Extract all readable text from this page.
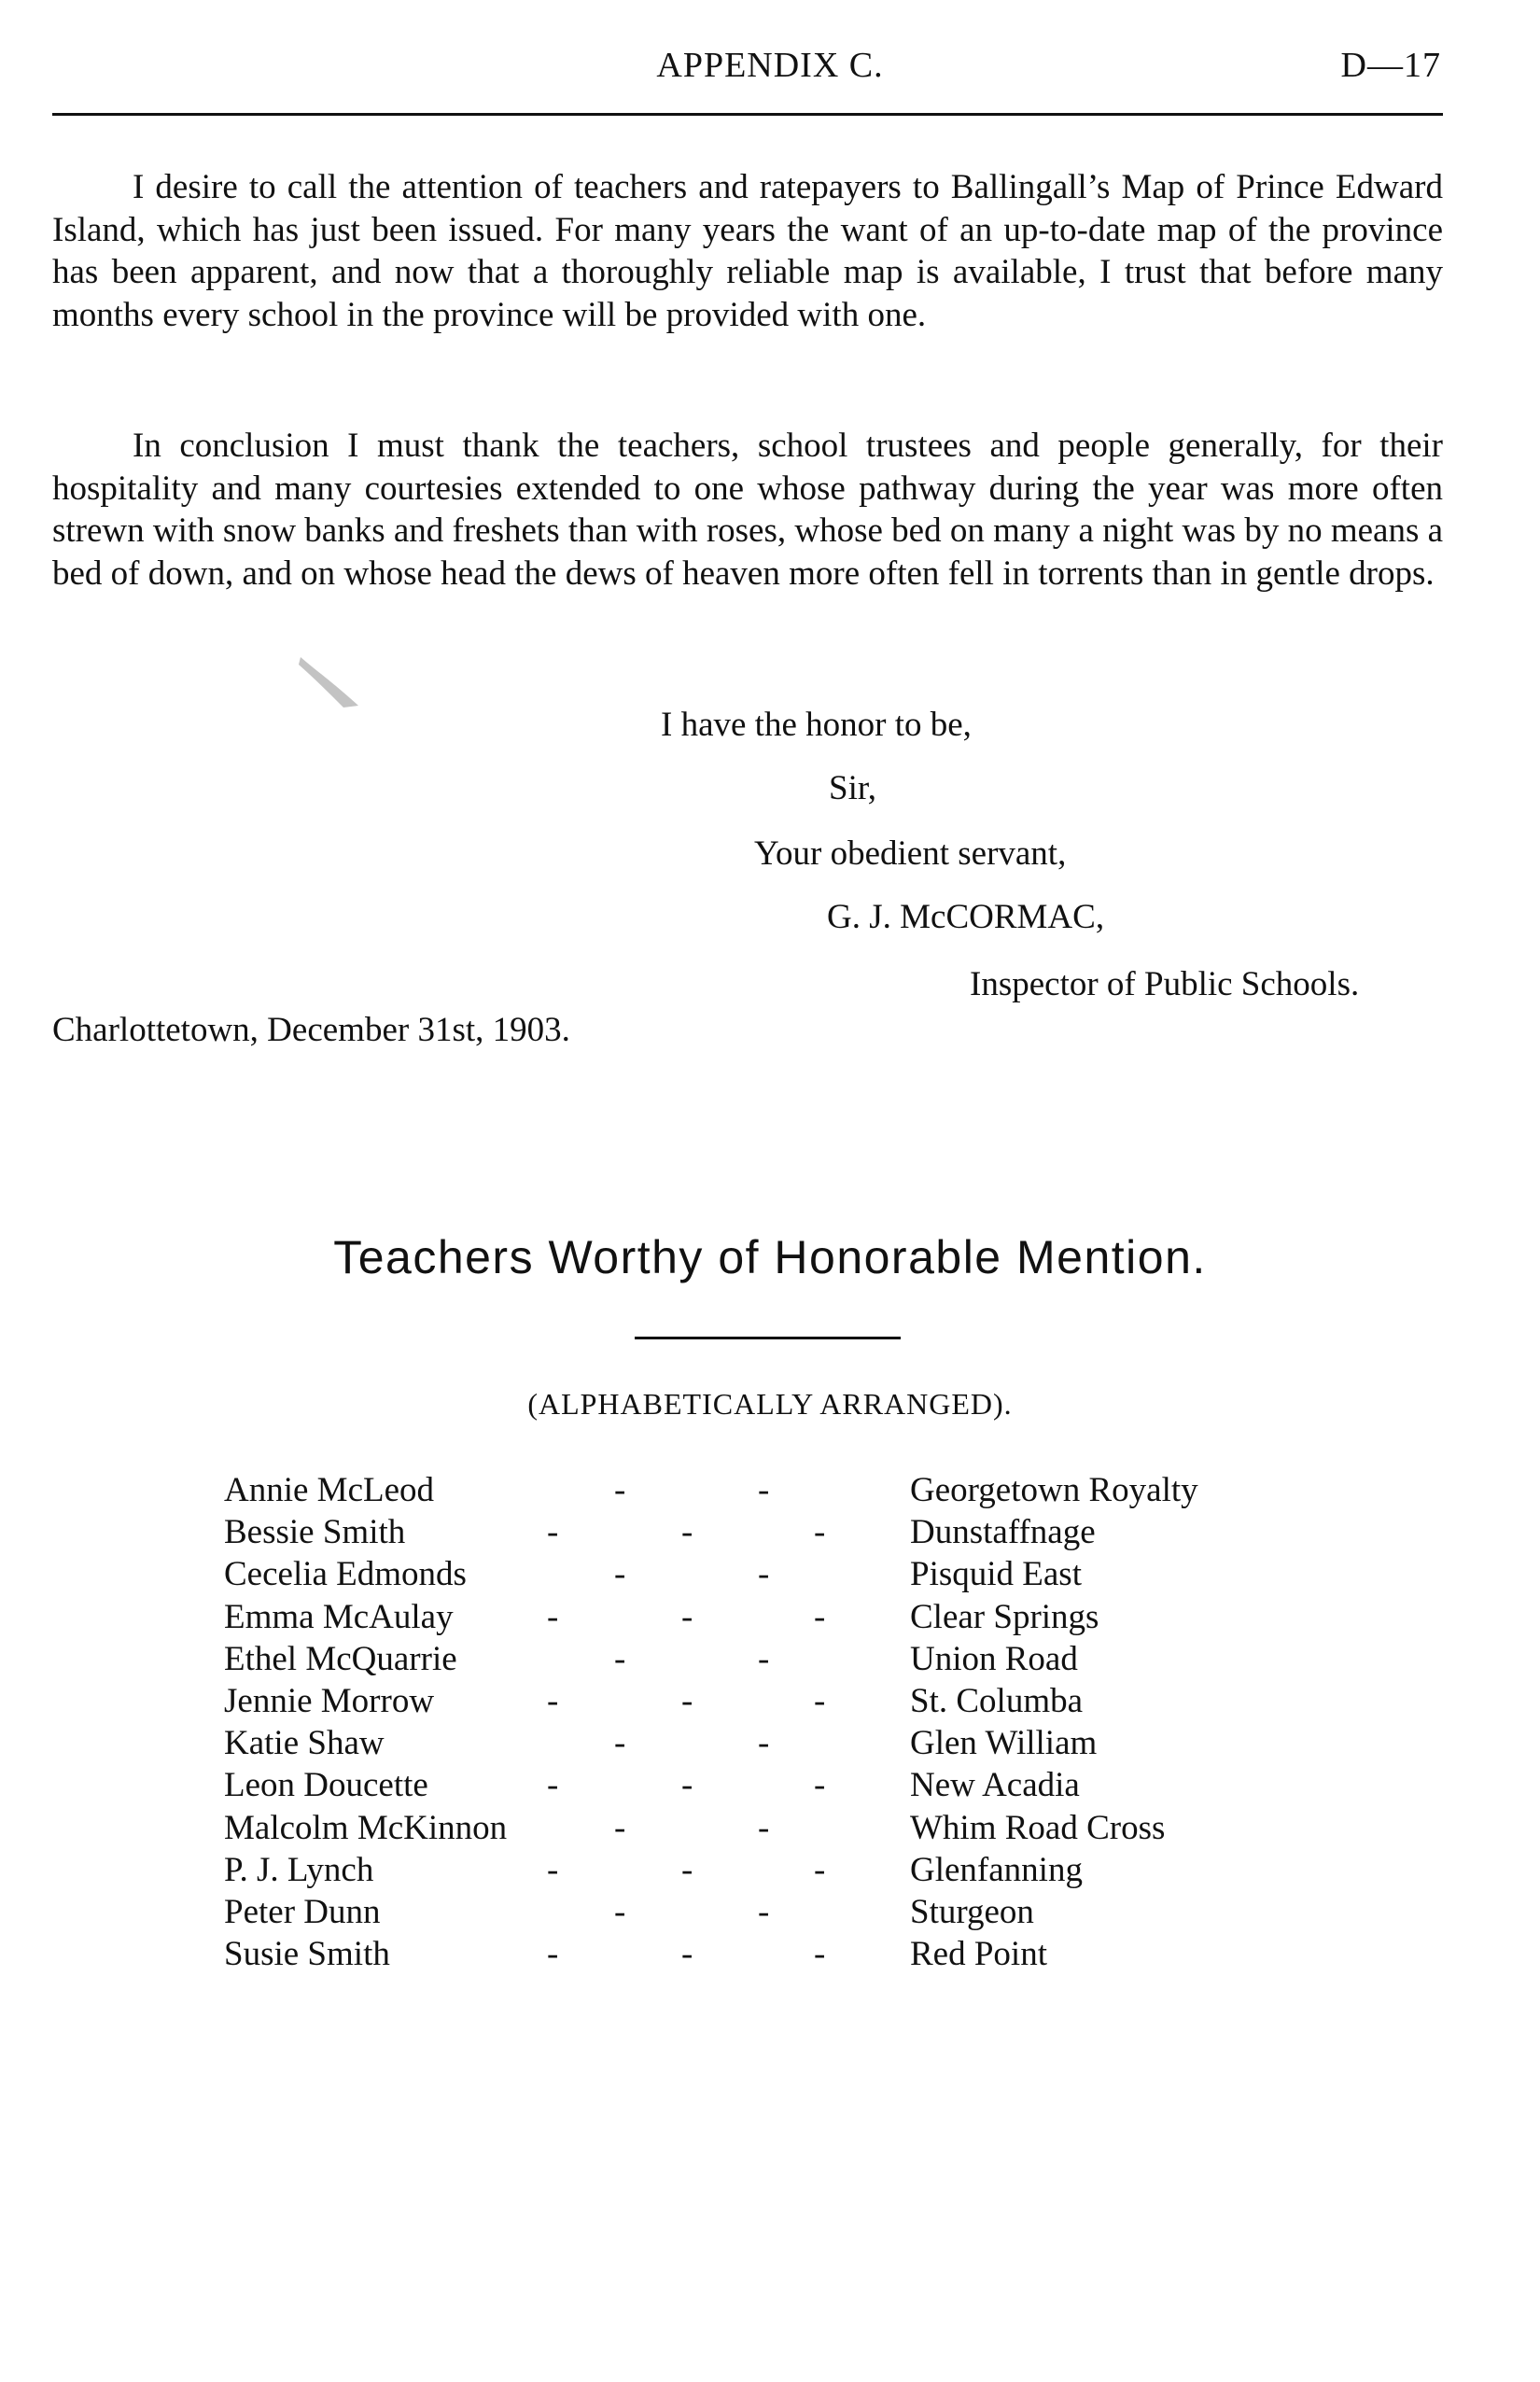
APPENDIX C.	D—17

I desire to call the attention of teachers and ratepayers to Ballingall’s Map of Prince Edward Island, which has just been issued. For many years the want of an up-to-date map of the province has been apparent, and now that a thoroughly reliable map is available, I trust that before many months every school in the province will be provided with one.

In conclusion I must thank the teachers, school trustees and people generally, for their hospitality and many courtesies extended to one whose pathway during the year was more often strewn with snow banks and freshets than with roses, whose bed on many a night was by no means a bed of down, and on whose head the dews of heaven more often fell in torrents than in gentle drops.

I have the honor to be,
Sir,
Your obedient servant,
G. J. McCORMAC,
Inspector of Public Schools.
Charlottetown, December 31st, 1903.
Teachers Worthy of Honorable Mention.
(ALPHABETICALLY ARRANGED).
Annie McLeod	-	-	Georgetown Royalty
Bessie Smith	-	-	- Dunstaffnage
Cecelia Edmonds	-	-	Pisquid East
Emma McAulay	-	-	- Clear Springs
Ethel McQuarrie	-	-	Union Road
Jennie Morrow	-	-	- St. Columba
Katie Shaw	-	-	Glen William
Leon Doucette	-	-	- New Acadia
Malcolm McKinnon	-	-	Whim Road Cross
P. J. Lynch	-	-	- Glenfanning
Peter Dunn	-	-	Sturgeon
Susie Smith	-	-	- Red Point
